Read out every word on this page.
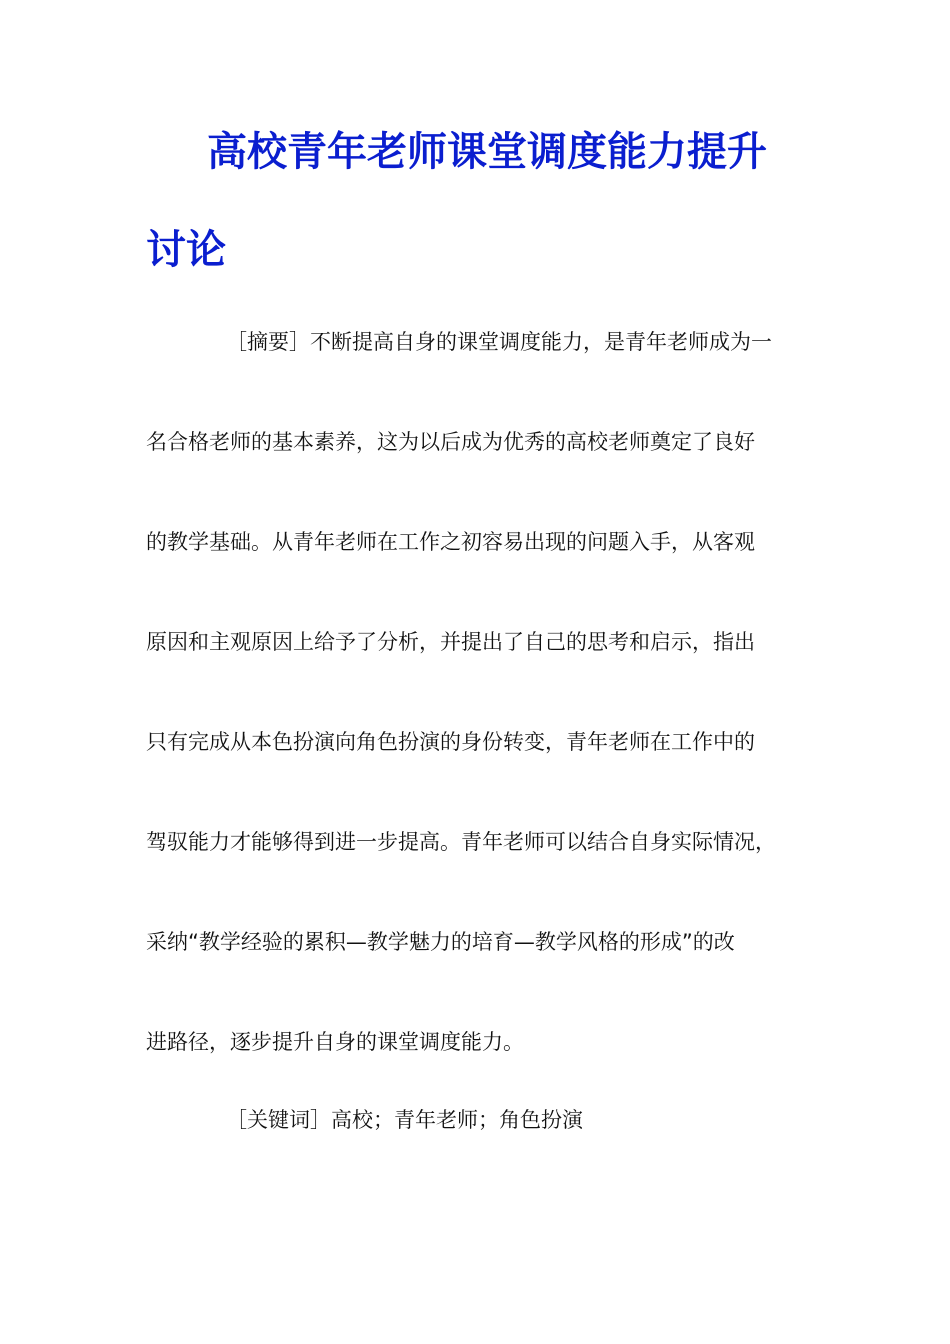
高校青年老师课堂调度能力提升
讨论
［摘要］不断提高自身的课堂调度能力，是青年老师成为一
名合格老师的基本素养，这为以后成为优秀的高校老师奠定了良好
的教学基础。从青年老师在工作之初容易出现的问题入手，从客观
原因和主观原因上给予了分析，并提出了自己的思考和启示，指出
只有完成从本色扮演向角色扮演的身份转变，青年老师在工作中的
驾驭能力才能够得到进一步提高。青年老师可以结合自身实际情况，
采纳“教学经验的累积—教学魅力的培育—教学风格的形成”的改
进路径，逐步提升自身的课堂调度能力。
［关键词］高校；青年老师；角色扮演
